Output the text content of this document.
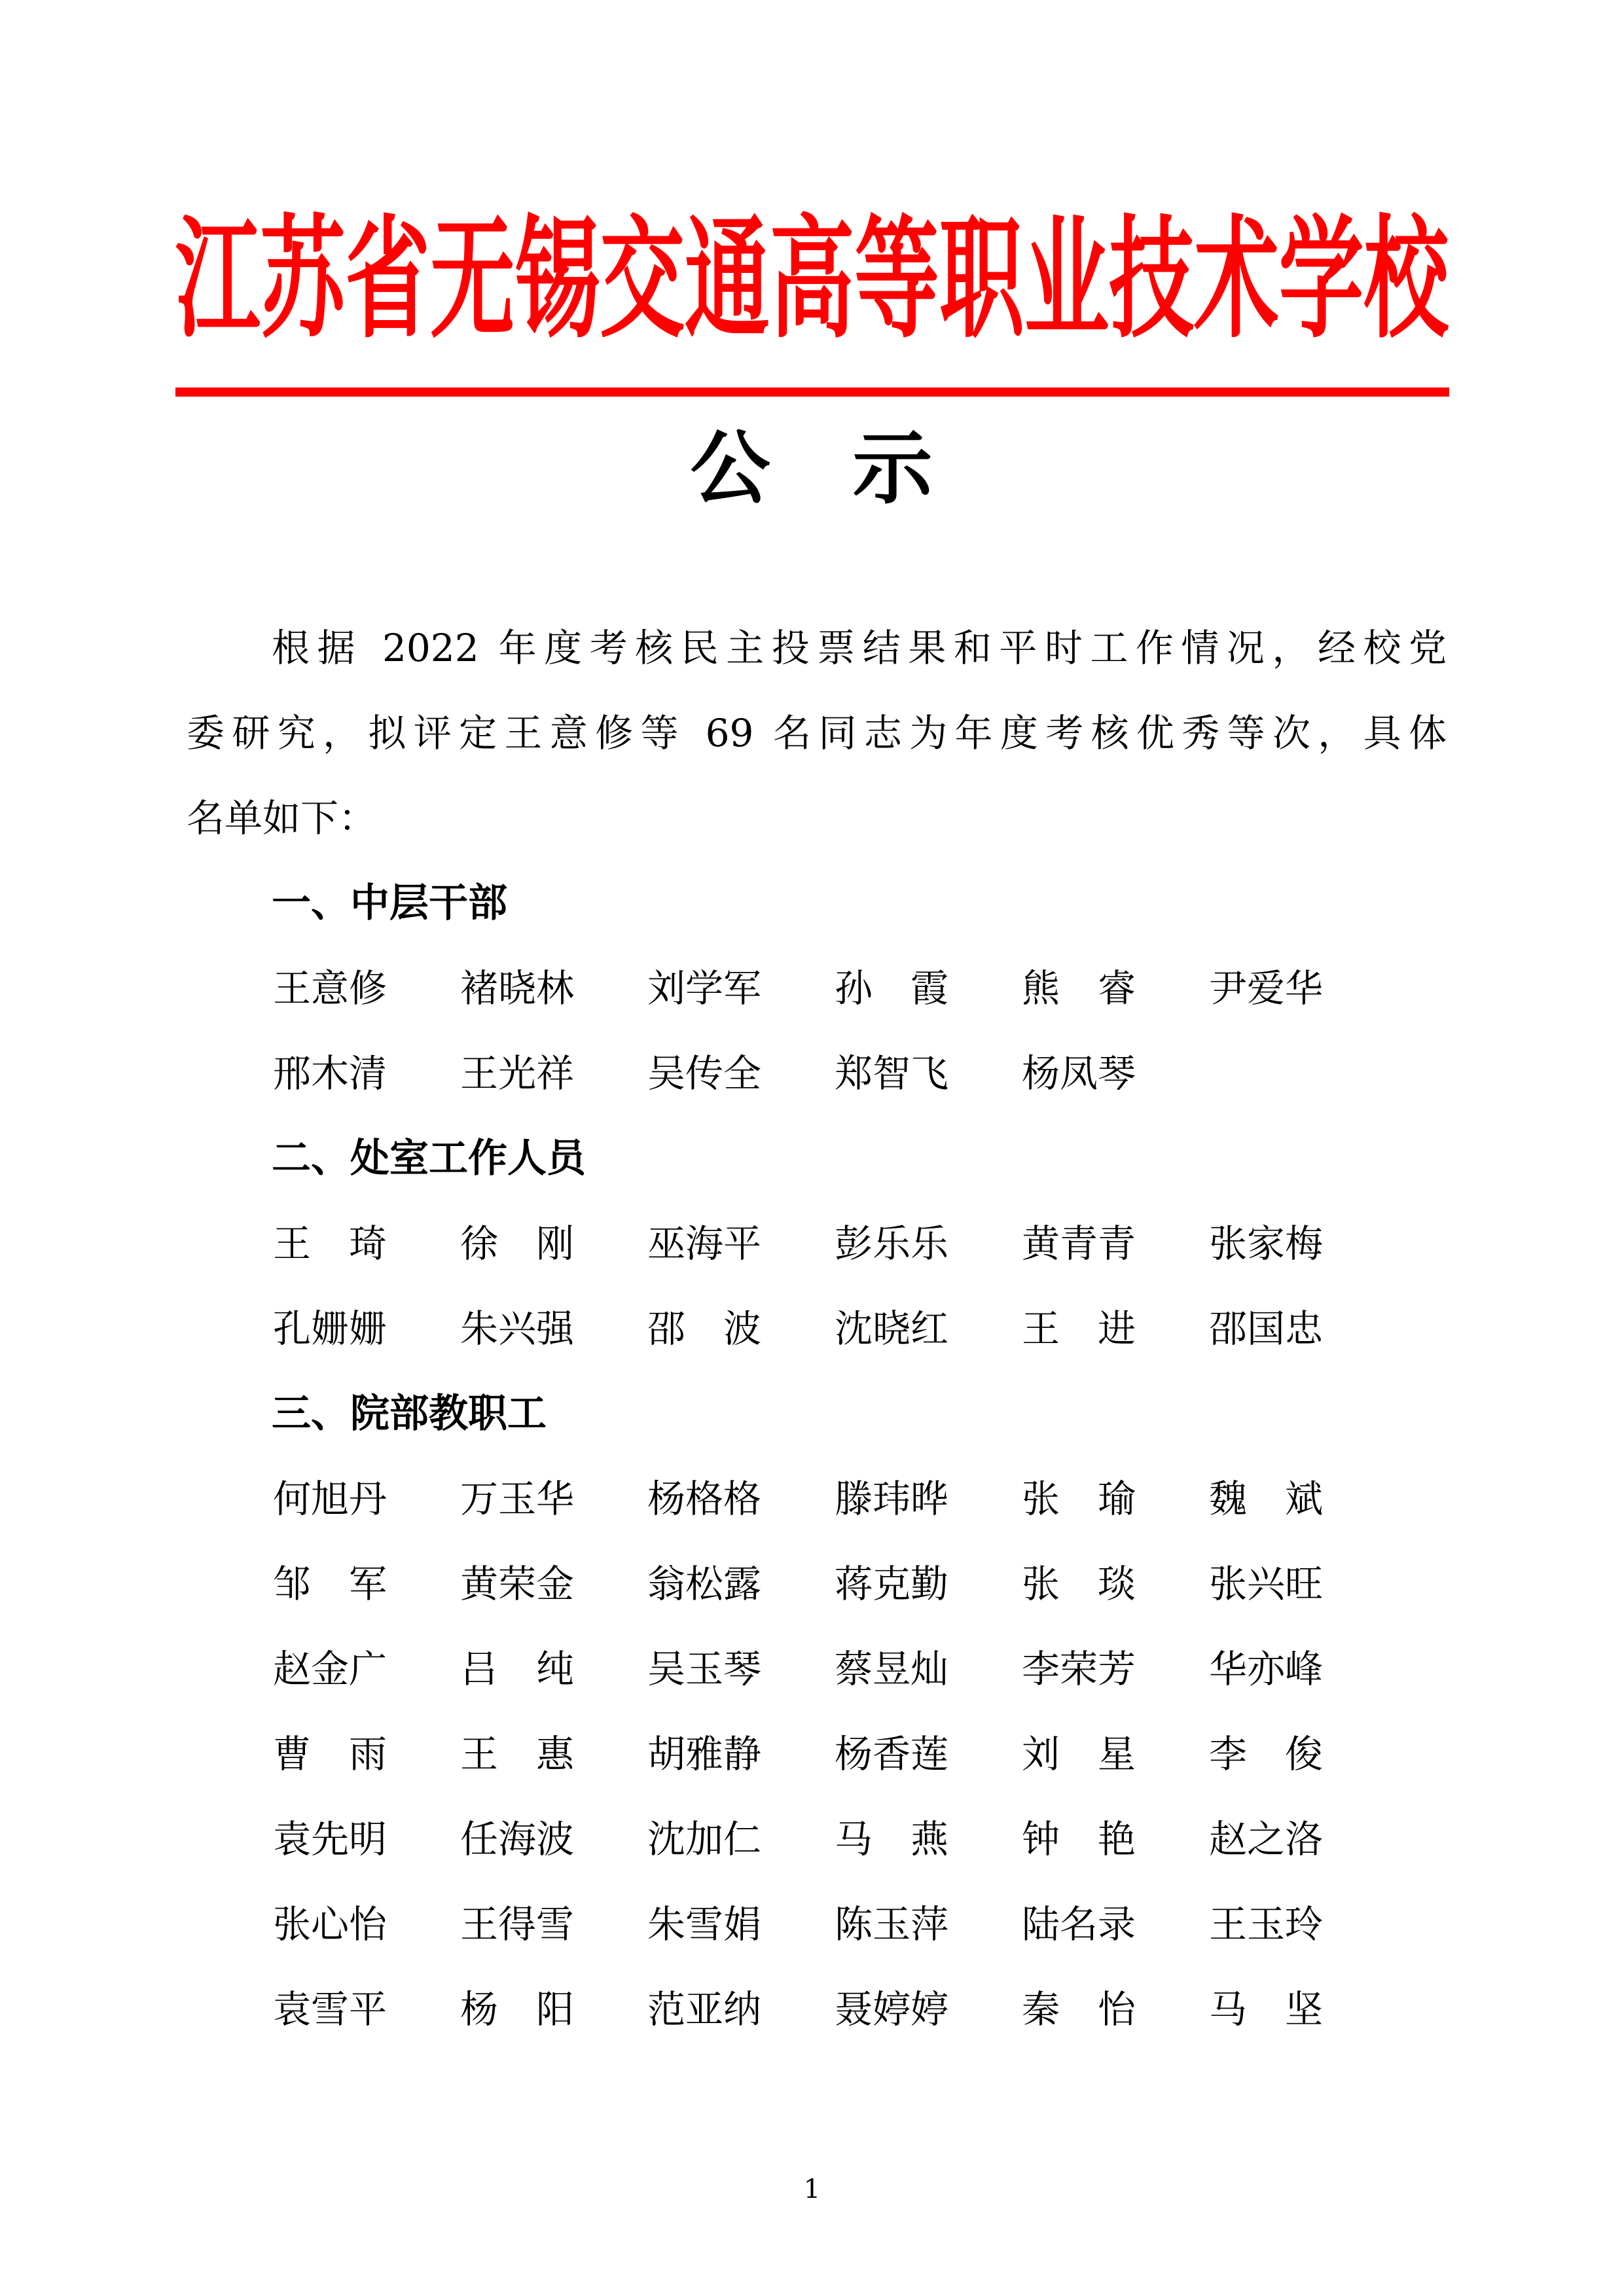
江苏省无锡交通高等职业技术学校
公　示
根据 2022 年度考核民主投票结果和平时工作情况，经校党
委研究，拟评定王意修等 69 名同志为年度考核优秀等次，具体
名单如下：
一、中层干部
王意修	褚晓林	刘学军	孙　霞	熊　睿	尹爱华
邢木清	王光祥	吴传全	郑智飞	杨凤琴
二、处室工作人员
王　琦	徐　刚	巫海平	彭乐乐	黄青青	张家梅
孔姗姗	朱兴强	邵　波	沈晓红	王　进	邵国忠
三、院部教职工
何旭丹	万玉华	杨格格	滕玮晔	张　瑜	魏　斌
邹　军	黄荣金	翁松露	蒋克勤	张　琰	张兴旺
赵金广	吕　纯	吴玉琴	蔡昱灿	李荣芳	华亦峰
曹　雨	王　惠	胡雅静	杨香莲	刘　星	李　俊
袁先明	任海波	沈加仁	马　燕	钟　艳	赵之洛
张心怡	王得雪	朱雪娟	陈玉萍	陆名录	王玉玲
袁雪平	杨　阳	范亚纳	聂婷婷	秦　怡	马　坚
1
